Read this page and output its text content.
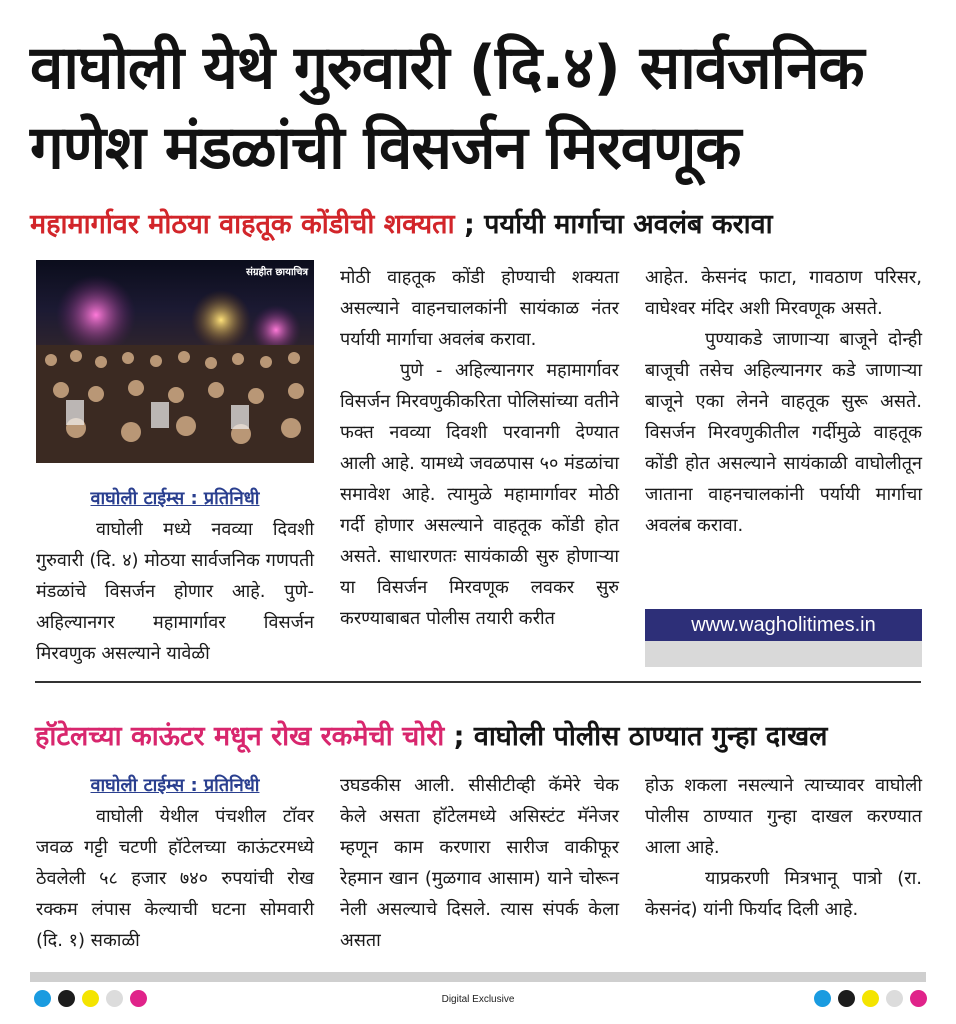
वाघोली येथे गुरुवारी (दि.४) सार्वजनिक
गणेश मंडळांची विसर्जन मिरवणूक
महामार्गावर मोठया वाहतूक कोंडीची शक्यता ; पर्यायी मार्गाचा अवलंब करावा
संग्रहीत छायाचित्र

वाघोली टाईम्स : प्रतिनिधी

वाघोली मध्ये नवव्या दिवशी गुरुवारी (दि. ४) मोठया सार्वजनिक गणपती मंडळांचे विसर्जन होणार आहे. पुणे-अहिल्यानगर महामार्गावर विसर्जन मिरवणुक असल्याने यावेळी

मोठी वाहतूक कोंडी होण्याची शक्यता असल्याने वाहनचालकांनी सायंकाळ नंतर पर्यायी मार्गाचा अवलंब करावा.

पुणे - अहिल्यानगर महामार्गावर विसर्जन मिरवणुकीकरिता पोलिसांच्या वतीने फक्त नवव्या दिवशी परवानगी देण्यात आली आहे. यामध्ये जवळपास ५० मंडळांचा समावेश आहे. त्यामुळे महामार्गावर मोठी गर्दी होणार असल्याने वाहतूक कोंडी होत असते. साधारणतः सायंकाळी सुरु होणाऱ्या या विसर्जन मिरवणूक लवकर सुरु करण्याबाबत पोलीस तयारी करीत

आहेत. केसनंद फाटा, गावठाण परिसर, वाघेश्वर मंदिर अशी मिरवणूक असते.

पुण्याकडे जाणाऱ्या बाजूने दोन्ही बाजूची तसेच अहिल्यानगर कडे जाणाऱ्या बाजूने एका लेनने वाहतूक सुरू असते. विसर्जन मिरवणुकीतील गर्दीमुळे वाहतूक कोंडी होत असल्याने सायंकाळी वाघोलीतून जाताना वाहनचालकांनी पर्यायी मार्गाचा अवलंब करावा.

www.wagholitimes.in
हॉटेलच्या काऊंटर मधून रोख रकमेची चोरी ; वाघोली पोलीस ठाण्यात गुन्हा दाखल

वाघोली टाईम्स : प्रतिनिधी

वाघोली येथील पंचशील टॉवर जवळ गट्टी चटणी हॉटेलच्या काऊंटरमध्ये ठेवलेली ५८ हजार ७४० रुपयांची रोख रक्कम लंपास केल्याची घटना सोमवारी (दि. १) सकाळी

उघडकीस आली. सीसीटीव्ही कॅमेरे चेक केले असता हॉटेलमध्ये असिस्टंट मॅनेजर म्हणून काम करणारा सारीज वाकीफूर रेहमान खान (मुळगाव आसाम) याने चोरून नेली असल्याचे दिसले. त्यास संपर्क केला असता

होऊ शकला नसल्याने त्याच्यावर वाघोली पोलीस ठाण्यात गुन्हा दाखल करण्यात आला आहे.

याप्रकरणी मित्रभानू पात्रो (रा. केसनंद) यांनी फिर्याद दिली आहे.

Digital Exclusive
